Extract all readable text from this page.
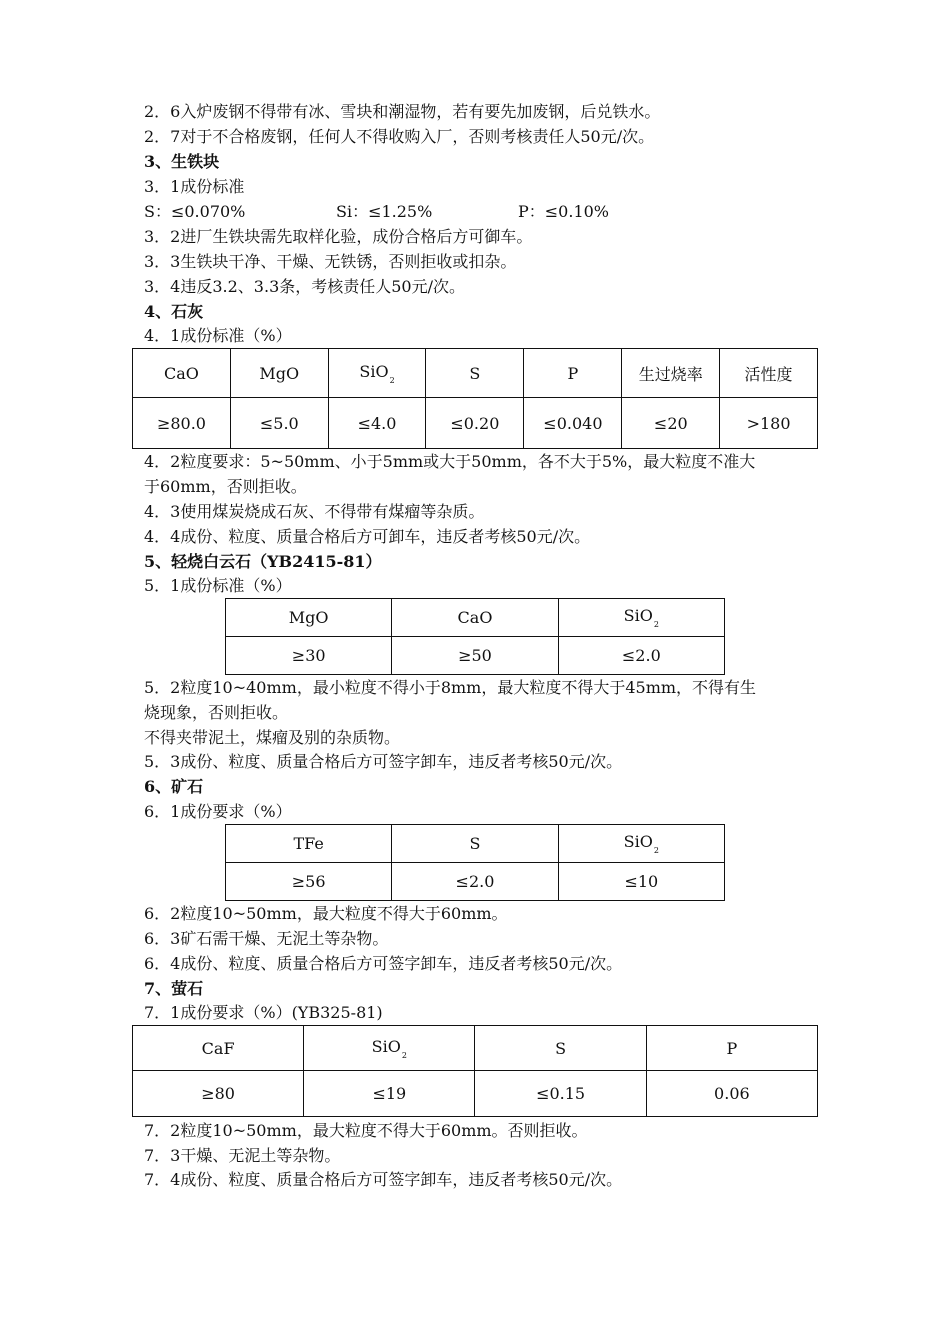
2．6入炉废钢不得带有冰、雪块和潮湿物，若有要先加废钢，后兑铁水。
2．7对于不合格废钢，任何人不得收购入厂，否则考核责任人50元/次。
3、生铁块
3．1成份标准
S：≤0.070%	Si：≤1.25%	P：≤0.10%
3．2进厂生铁块需先取样化验，成份合格后方可御车。
3．3生铁块干净、干燥、无铁锈，否则拒收或扣杂。
3．4违反3.2、3.3条，考核责任人50元/次。
4、石灰
4．1成份标准（%）
CaO	MgO	SiO$_2$	S	P	生过烧率	活性度
≥80.0	≤5.0	≤4.0	≤0.20	≤0.040	≤20	>180
4．2粒度要求：5~50mm、小于5mm或大于50mm，各不大于5%，最大粒度不准大
于60mm，否则拒收。
4．3使用煤炭烧成石灰、不得带有煤瘤等杂质。
4．4成份、粒度、质量合格后方可卸车，违反者考核50元/次。
5、轻烧白云石（YB2415-81）
5．1成份标准（%）
MgO	CaO	SiO$_2$
≥30	≥50	≤2.0
5．2粒度10~40mm，最小粒度不得小于8mm，最大粒度不得大于45mm，不得有生
烧现象，否则拒收。
不得夹带泥土，煤瘤及别的杂质物。
5．3成份、粒度、质量合格后方可签字卸车，违反者考核50元/次。
6、矿石
6．1成份要求（%）
TFe	S	SiO$_2$
≥56	≤2.0	≤10
6．2粒度10~50mm，最大粒度不得大于60mm。
6．3矿石需干燥、无泥土等杂物。
6．4成份、粒度、质量合格后方可签字卸车，违反者考核50元/次。
7、萤石
7．1成份要求（%）(YB325-81)
CaF	SiO$_2$	S	P
≥80	≤19	≤0.15	0.06
7．2粒度10~50mm，最大粒度不得大于60mm。否则拒收。
7．3干燥、无泥土等杂物。
7．4成份、粒度、质量合格后方可签字卸车，违反者考核50元/次。
